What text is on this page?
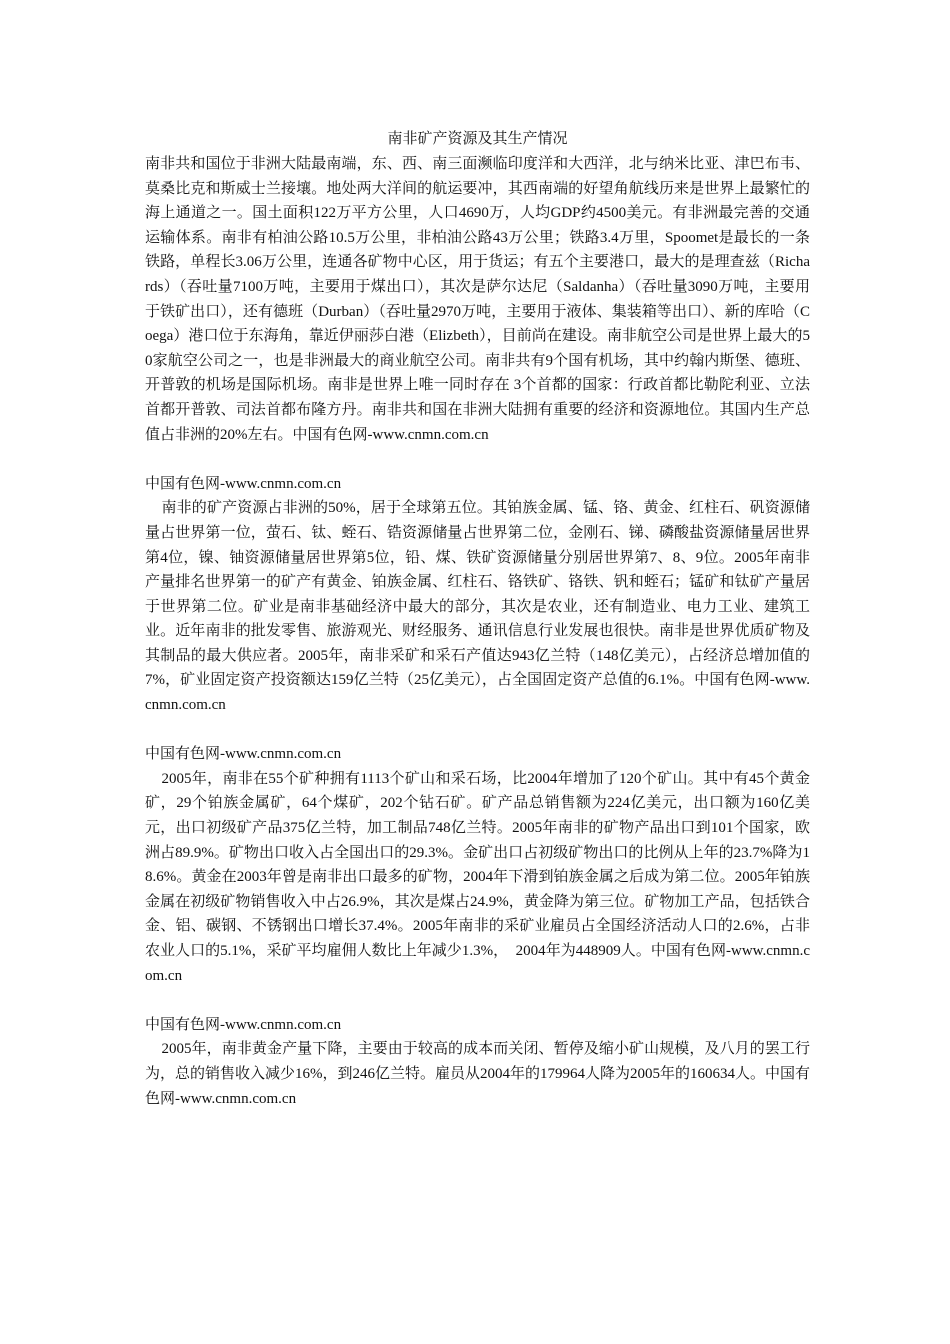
南非矿产资源及其生产情况

南非共和国位于非洲大陆最南端，东、西、南三面濒临印度洋和大西洋，北与纳米比亚、津巴布韦、莫桑比克和斯威士兰接壤。地处两大洋间的航运要冲，其西南端的好望角航线历来是世界上最繁忙的海上通道之一。国土面积122万平方公里，人口4690万，人均GDP约4500美元。有非洲最完善的交通运输体系。南非有柏油公路10.5万公里，非柏油公路43万公里；铁路3.4万里，Spoomet是最长的一条铁路，单程长3.06万公里，连通各矿物中心区，用于货运；有五个主要港口，最大的是理查兹（Richards）（吞吐量7100万吨，主要用于煤出口），其次是萨尔达尼（Saldanha）（吞吐量3090万吨，主要用于铁矿出口），还有德班（Durban）（吞吐量2970万吨，主要用于液体、集装箱等出口）、新的库哈（Coega）港口位于东海角，靠近伊丽莎白港（Elizbeth），目前尚在建设。南非航空公司是世界上最大的50家航空公司之一，也是非洲最大的商业航空公司。南非共有9个国有机场，其中约翰内斯堡、德班、开普敦的机场是国际机场。南非是世界上唯一同时存在 3个首都的国家：行政首都比勒陀利亚、立法首都开普敦、司法首都布隆方丹。南非共和国在非洲大陆拥有重要的经济和资源地位。其国内生产总值占非洲的20%左右。中国有色网-www.cnmn.com.cn

中国有色网-www.cnmn.com.cn

南非的矿产资源占非洲的50%，居于全球第五位。其铂族金属、锰、铬、黄金、红柱石、矾资源储量占世界第一位，萤石、钛、蛭石、锆资源储量占世界第二位，金刚石、锑、磷酸盐资源储量居世界第4位，镍、铀资源储量居世界第5位，铅、煤、铁矿资源储量分别居世界第7、8、9位。2005年南非产量排名世界第一的矿产有黄金、铂族金属、红柱石、铬铁矿、铬铁、钒和蛭石；锰矿和钛矿产量居于世界第二位。矿业是南非基础经济中最大的部分，其次是农业，还有制造业、电力工业、建筑工业。近年南非的批发零售、旅游观光、财经服务、通讯信息行业发展也很快。南非是世界优质矿物及其制品的最大供应者。2005年，南非采矿和采石产值达943亿兰特（148亿美元），占经济总增加值的7%，矿业固定资产投资额达159亿兰特（25亿美元），占全国固定资产总值的6.1%。中国有色网-www.cnmn.com.cn

中国有色网-www.cnmn.com.cn

2005年，南非在55个矿种拥有1113个矿山和采石场，比2004年增加了120个矿山。其中有45个黄金矿，29个铂族金属矿，64个煤矿，202个钻石矿。矿产品总销售额为224亿美元，出口额为160亿美元，出口初级矿产品375亿兰特，加工制品748亿兰特。2005年南非的矿物产品出口到101个国家，欧洲占89.9%。矿物出口收入占全国出口的29.3%。金矿出口占初级矿物出口的比例从上年的23.7%降为18.6%。黄金在2003年曾是南非出口最多的矿物，2004年下滑到铂族金属之后成为第二位。2005年铂族金属在初级矿物销售收入中占26.9%，其次是煤占24.9%，黄金降为第三位。矿物加工产品，包括铁合金、铝、碳钢、不锈钢出口增长37.4%。2005年南非的采矿业雇员占全国经济活动人口的2.6%，占非农业人口的5.1%，采矿平均雇佣人数比上年减少1.3%，　2004年为448909人。中国有色网-www.cnmn.com.cn

中国有色网-www.cnmn.com.cn

2005年，南非黄金产量下降，主要由于较高的成本而关闭、暂停及缩小矿山规模，及八月的罢工行为，总的销售收入减少16%，到246亿兰特。雇员从2004年的179964人降为2005年的160634人。中国有色网-www.cnmn.com.cn
